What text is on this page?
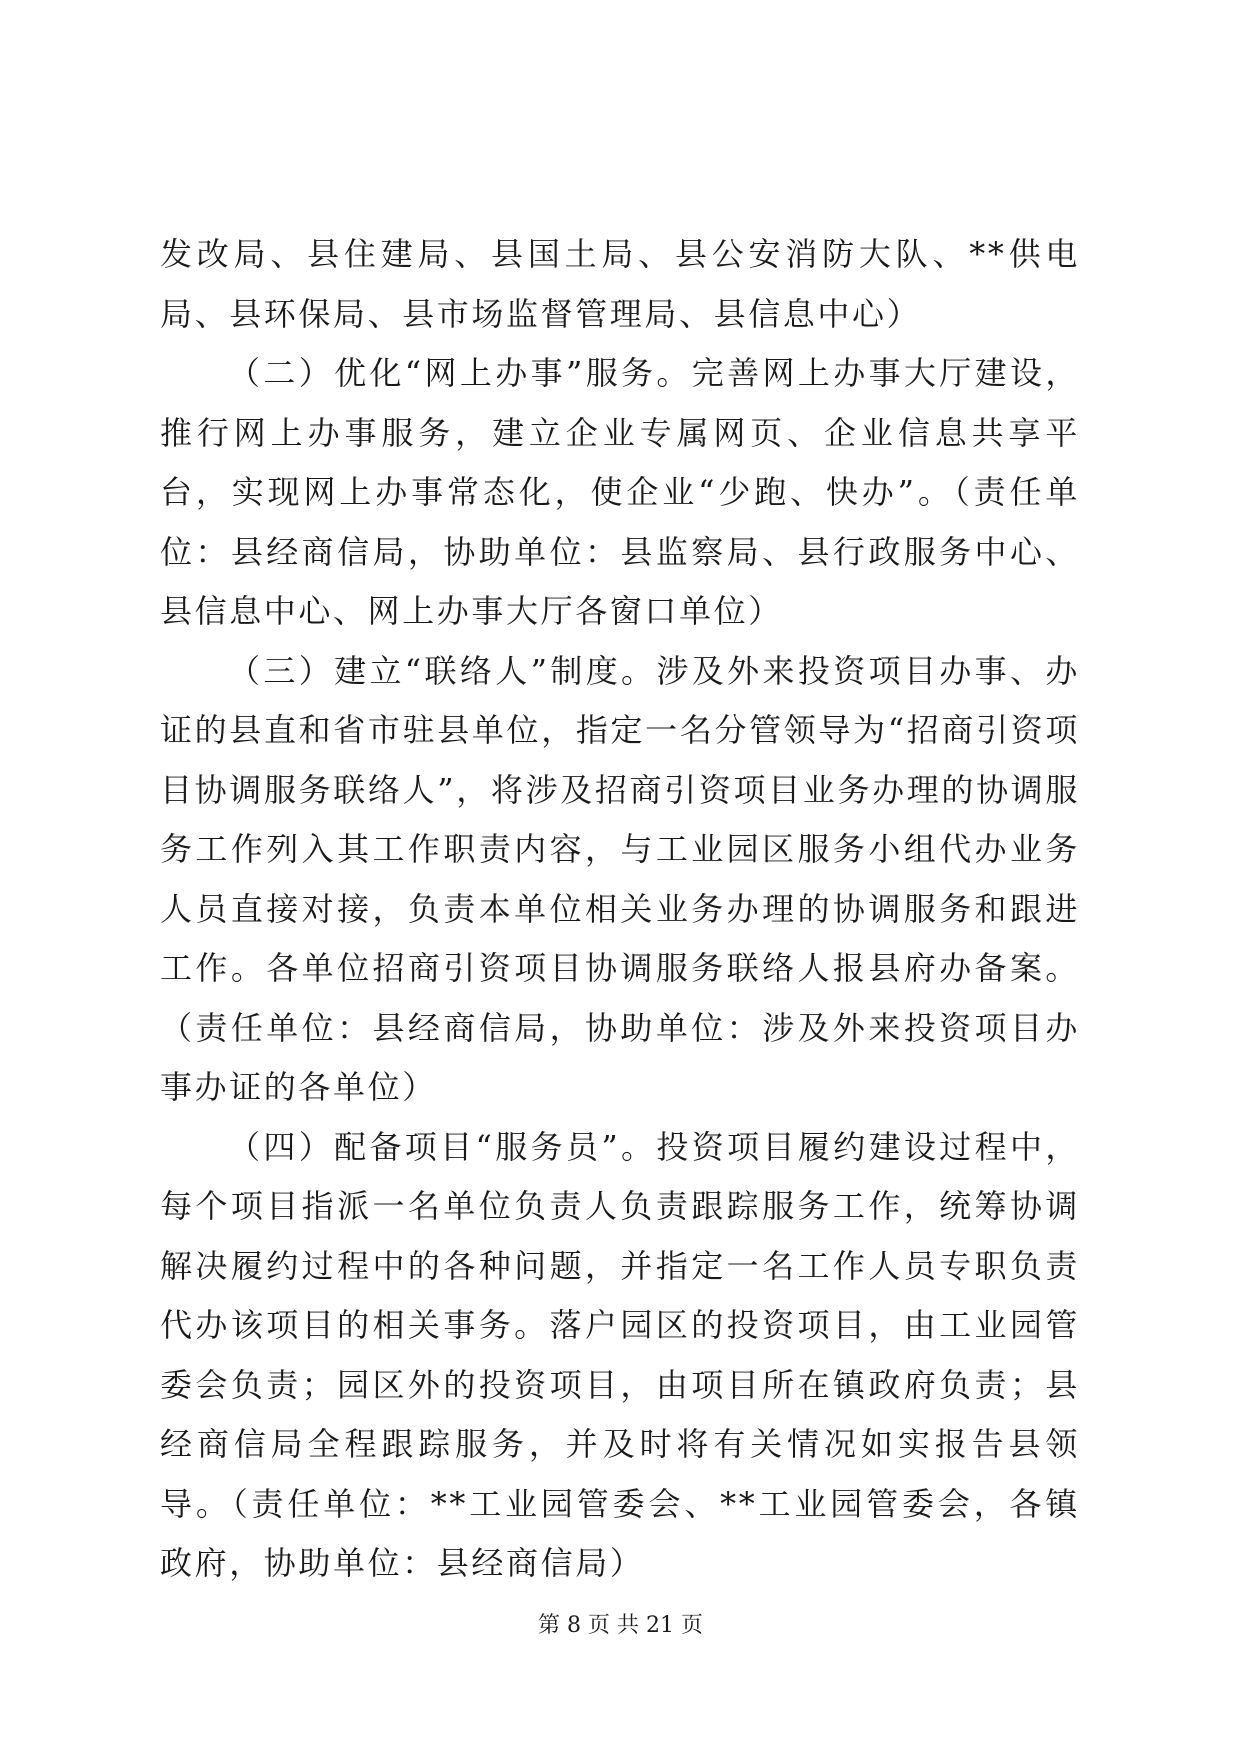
发改局、县住建局、县国土局、县公安消防大队、**供电局、县环保局、县市场监督管理局、县信息中心）

（二）优化“网上办事”服务。完善网上办事大厅建设，推行网上办事服务，建立企业专属网页、企业信息共享平台，实现网上办事常态化，使企业“少跑、快办”。（责任单位：县经商信局，协助单位：县监察局、县行政服务中心、县信息中心、网上办事大厅各窗口单位）

（三）建立“联络人”制度。涉及外来投资项目办事、办证的县直和省市驻县单位，指定一名分管领导为“招商引资项目协调服务联络人”，将涉及招商引资项目业务办理的协调服务工作列入其工作职责内容，与工业园区服务小组代办业务人员直接对接，负责本单位相关业务办理的协调服务和跟进工作。各单位招商引资项目协调服务联络人报县府办备案。（责任单位：县经商信局，协助单位：涉及外来投资项目办事办证的各单位）

（四）配备项目“服务员”。投资项目履约建设过程中，每个项目指派一名单位负责人负责跟踪服务工作，统筹协调解决履约过程中的各种问题，并指定一名工作人员专职负责代办该项目的相关事务。落户园区的投资项目，由工业园管委会负责；园区外的投资项目，由项目所在镇政府负责；县经商信局全程跟踪服务，并及时将有关情况如实报告县领导。（责任单位：**工业园管委会、**工业园管委会，各镇政府，协助单位：县经商信局）

第 8 页 共 21 页
